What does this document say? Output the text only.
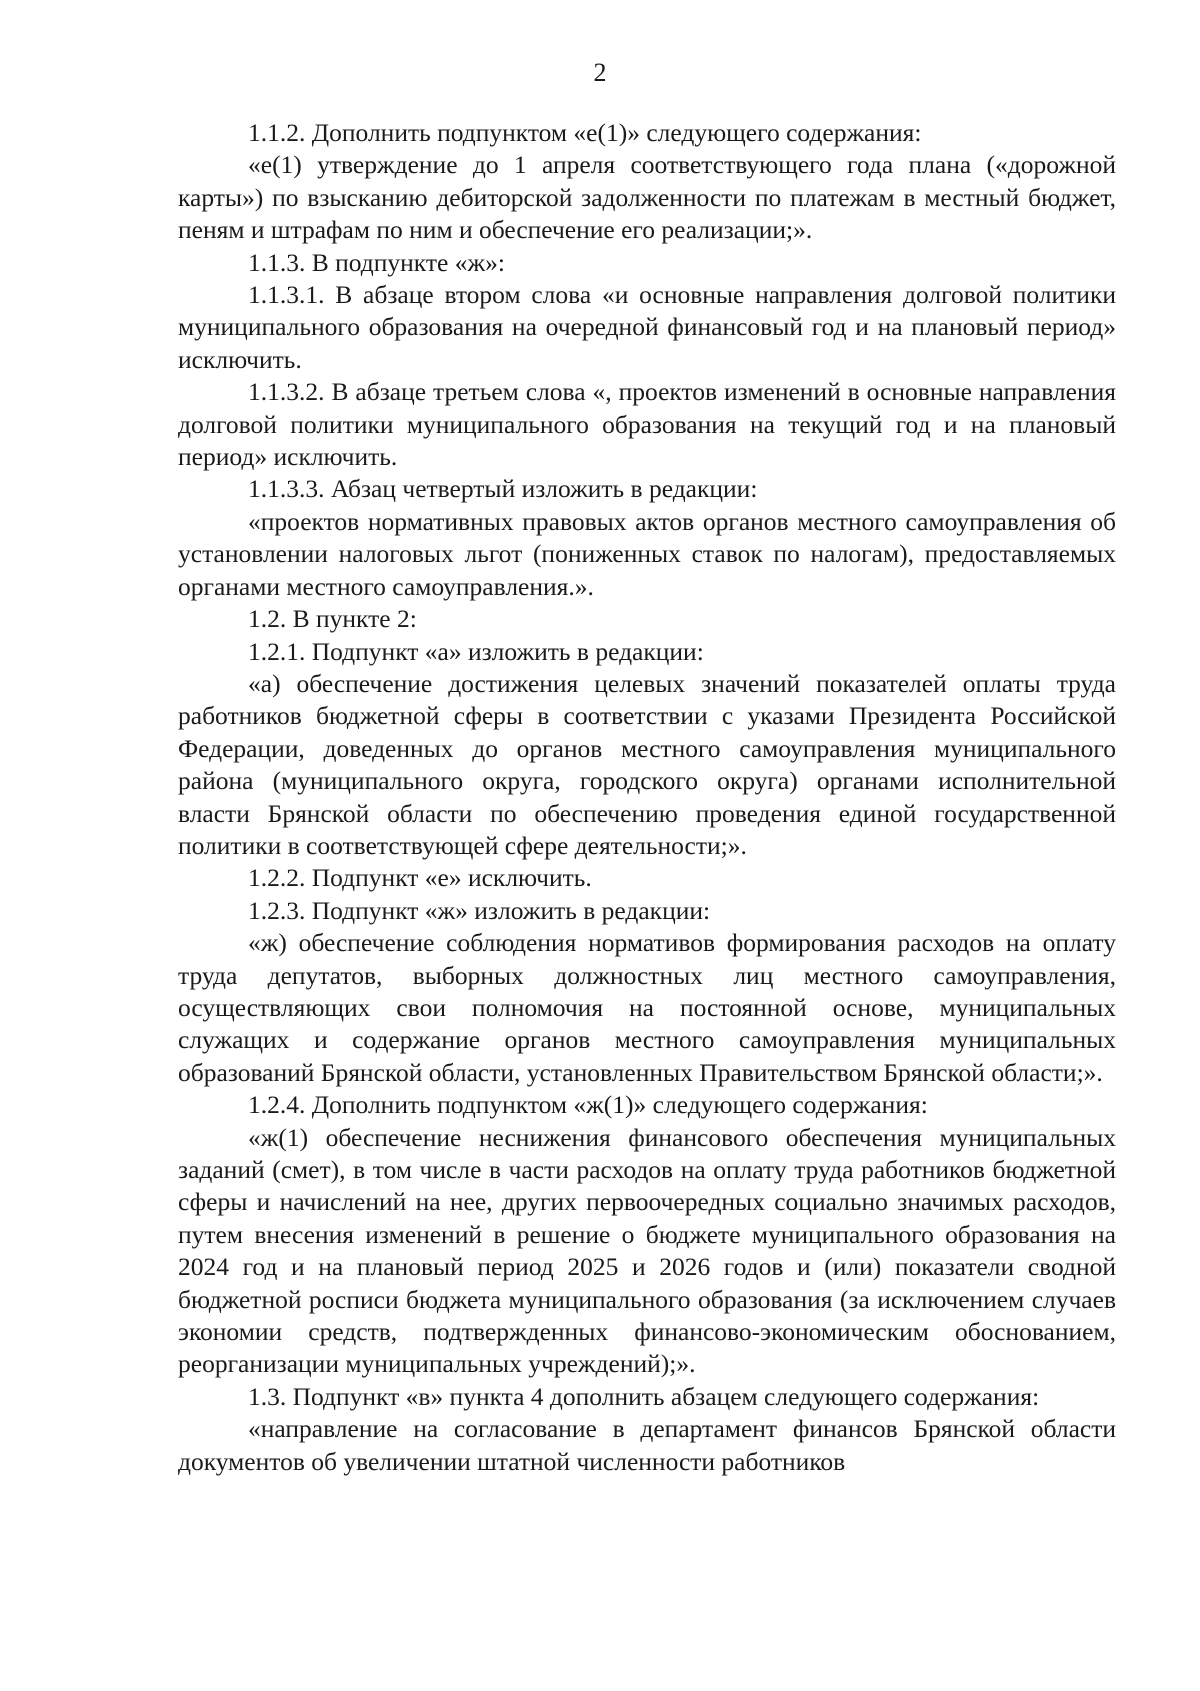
2

1.1.2. Дополнить подпунктом «е(1)» следующего содержания:

«е(1) утверждение до 1 апреля соответствующего года плана («дорожной карты») по взысканию дебиторской задолженности по платежам в местный бюджет, пеням и штрафам по ним и обеспечение его реализации;».

1.1.3. В подпункте «ж»:

1.1.3.1. В абзаце втором слова «и основные направления долговой политики муниципального образования на очередной финансовый год и на плановый период» исключить.

1.1.3.2. В абзаце третьем слова «, проектов изменений в основные направления долговой политики муниципального образования на текущий год и на плановый период» исключить.

1.1.3.3. Абзац четвертый изложить в редакции:

«проектов нормативных правовых актов органов местного самоуправления об установлении налоговых льгот (пониженных ставок по налогам), предоставляемых органами местного самоуправления.».

1.2. В пункте 2:

1.2.1. Подпункт «а» изложить в редакции:

«а) обеспечение достижения целевых значений показателей оплаты труда работников бюджетной сферы в соответствии с указами Президента Российской Федерации, доведенных до органов местного самоуправления муниципального района (муниципального округа, городского округа) органами исполнительной власти Брянской области по обеспечению проведения единой государственной политики в соответствующей сфере деятельности;».

1.2.2. Подпункт «е» исключить.

1.2.3. Подпункт «ж» изложить в редакции:

«ж) обеспечение соблюдения нормативов формирования расходов на оплату труда депутатов, выборных должностных лиц местного самоуправления, осуществляющих свои полномочия на постоянной основе, муниципальных служащих и содержание органов местного самоуправления муниципальных образований Брянской области, установленных Правительством Брянской области;».

1.2.4. Дополнить подпунктом «ж(1)» следующего содержания:

«ж(1) обеспечение неснижения финансового обеспечения муниципальных заданий (смет), в том числе в части расходов на оплату труда работников бюджетной сферы и начислений на нее, других первоочередных социально значимых расходов, путем внесения изменений в решение о бюджете муниципального образования на 2024 год и на плановый период 2025 и 2026 годов и (или) показатели сводной бюджетной росписи бюджета муниципального образования (за исключением случаев экономии средств, подтвержденных финансово-экономическим обоснованием, реорганизации муниципальных учреждений);».

1.3. Подпункт «в» пункта 4 дополнить абзацем следующего содержания:

«направление на согласование в департамент финансов Брянской области документов об увеличении штатной численности работников
